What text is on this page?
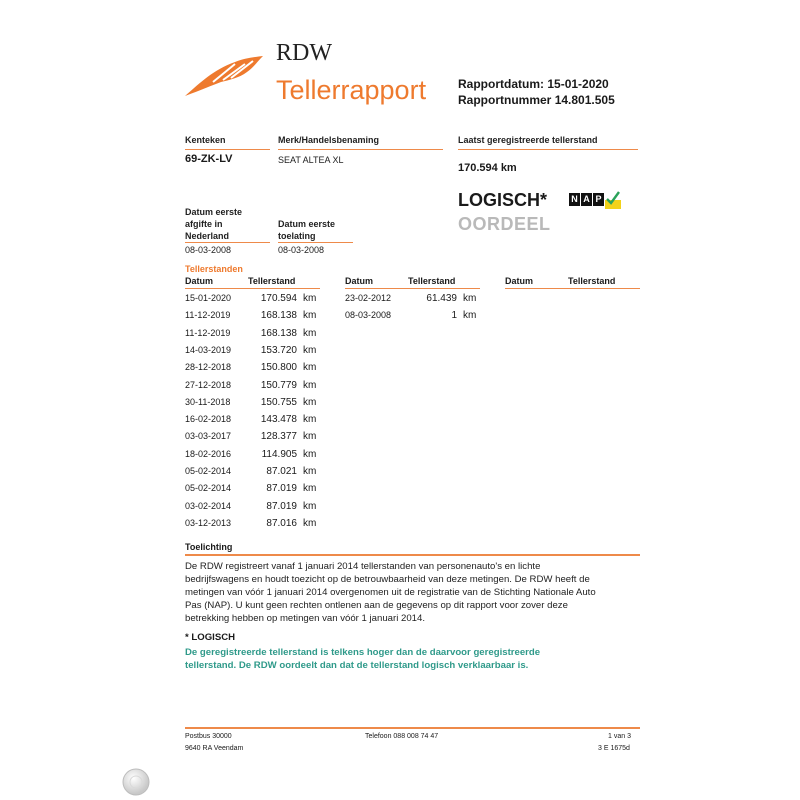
RDW
Tellerrapport	Rapportdatum: 15-01-2020
Rapportnummer 14.801.505
Kenteken
69-ZK-LV
Merk/Handelsbenaming
SEAT ALTEA XL
Laatst geregistreerde tellerstand
170.594 km
Datum eerste
afgifte in
Nederland
08-03-2008
Datum eerste
toelating
08-03-2008
LOGISCH*
OORDEEL
N A P
Tellerstanden
Datum	Tellerstand	Datum	Tellerstand	Datum	Tellerstand
15-01-2020	170.594 km
11-12-2019	168.138 km
11-12-2019	168.138 km
14-03-2019	153.720 km
28-12-2018	150.800 km
27-12-2018	150.779 km
30-11-2018	150.755 km
16-02-2018	143.478 km
03-03-2017	128.377 km
18-02-2016	114.905 km
05-02-2014	87.021 km
05-02-2014	87.019 km
03-02-2014	87.019 km
03-12-2013	87.016 km
23-02-2012	61.439 km
08-03-2008	1 km
Toelichting
De RDW registreert vanaf 1 januari 2014 tellerstanden van personenauto's en lichte
bedrijfswagens en houdt toezicht op de betrouwbaarheid van deze metingen. De RDW heeft de
metingen van vóór 1 januari 2014 overgenomen uit de registratie van de Stichting Nationale Auto
Pas (NAP). U kunt geen rechten ontlenen aan de gegevens op dit rapport voor zover deze
betrekking hebben op metingen van vóór 1 januari 2014.
* LOGISCH
De geregistreerde tellerstand is telkens hoger dan de daarvoor geregistreerde
tellerstand. De RDW oordeelt dan dat de tellerstand logisch verklaarbaar is.
Postbus 30000
9640 RA Veendam
Telefoon 088 008 74 47	1 van 3
3 E 1675d
